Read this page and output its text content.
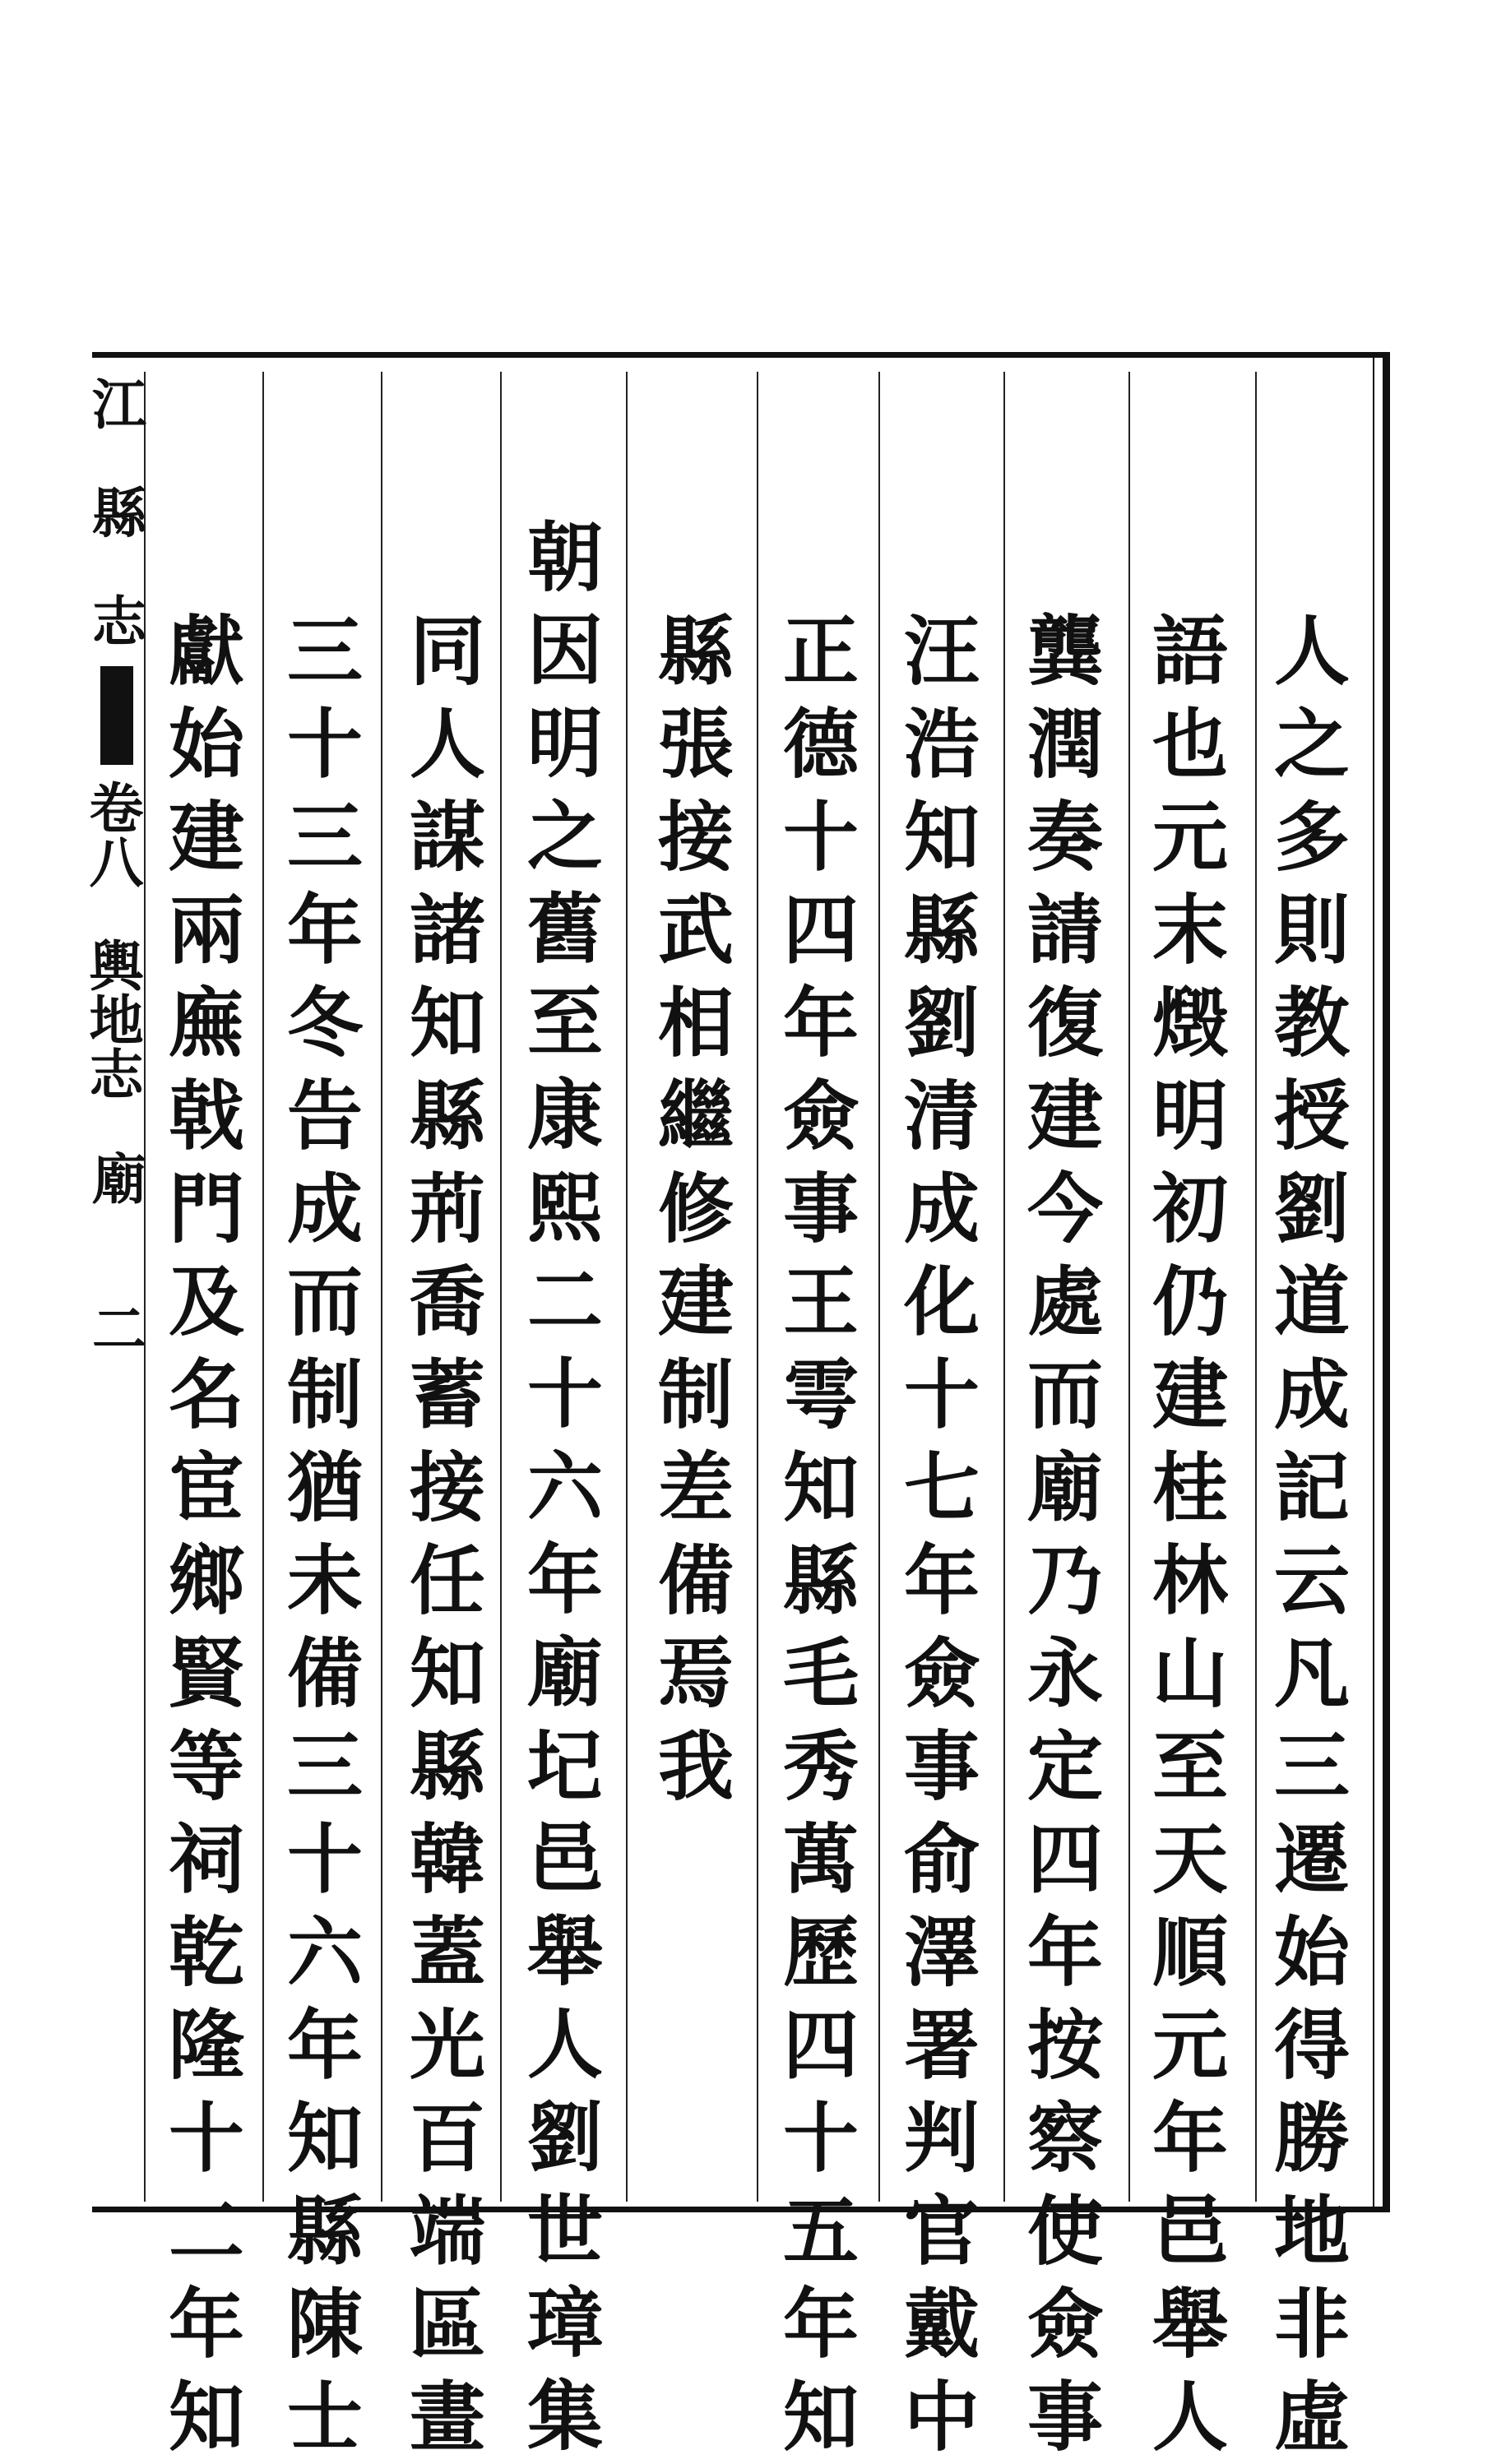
江
縣
志
卷八
輿地志
廟
二
人
之
多
則
教
授
劉
道
成
記
云
凡
三
遷
始
得
勝
地
非
虛
語
也
元
末
燬
明
初
仍
建
桂
林
山
至
天
順
元
年
邑
舉
人
龔
潤
奏
請
復
建
今
處
而
廟
乃
永
定
四
年
按
察
使
僉
事
汪
浩
知
縣
劉
清
成
化
十
七
年
僉
事
俞
澤
署
判
官
戴
中
正
德
十
四
年
僉
事
王
雩
知
縣
毛
秀
萬
歷
四
十
五
年
知
縣
張
接
武
相
繼
修
建
制
差
備
焉
我
朝
因
明
之
舊
至
康
熙
二
十
六
年
廟
圮
邑
舉
人
劉
世
璋
集
同
人
謀
諸
知
縣
荊
喬
蓄
接
任
知
縣
韓
蓋
光
百
端
區
畫
三
十
三
年
冬
告
成
而
制
猶
未
備
三
十
六
年
知
縣
陳
士
獻
始
建
兩
廡
戟
門
及
名
宦
鄉
賢
等
祠
乾
隆
十
二
年
知
